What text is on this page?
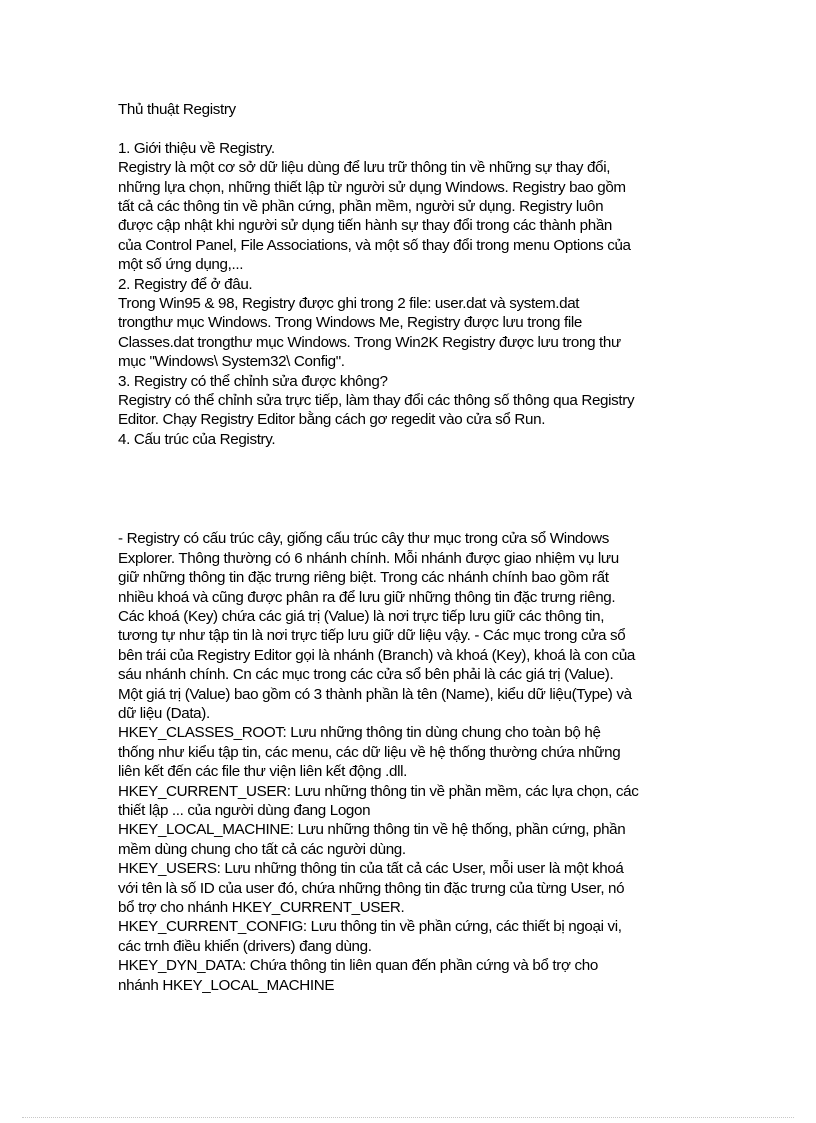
Thủ thuật Registry

1. Giới thiệu về Registry.

Registry là một cơ sở dữ liệu dùng để lưu trữ thông tin về những sự thay đổi,
những lựa chọn, những thiết lập từ người sử dụng Windows. Registry bao gồm
tất cả các thông tin về phần cứng, phần mềm, người sử dụng. Registry luôn
được cập nhật khi người sử dụng tiến hành sự thay đổi trong các thành phần
của Control Panel, File Associations, và một số thay đổi trong menu Options của
một số ứng dụng,...

2. Registry để ở đâu.

Trong Win95 & 98, Registry được ghi trong 2 file: user.dat và system.dat
trongthư mục Windows. Trong Windows Me, Registry được lưu trong file
Classes.dat trongthư mục Windows. Trong Win2K Registry được lưu trong thư
mục "Windows\ System32\ Config".

3. Registry có thể chỉnh sửa được không?

Registry có thể chỉnh sửa trực tiếp, làm thay đổi các thông số thông qua Registry
Editor. Chạy Registry Editor bằng cách gơ regedit vào cửa sổ Run.

4. Cấu trúc của Registry.

- Registry có cấu trúc cây, giống cấu trúc cây thư mục trong cửa sổ Windows
Explorer. Thông thường có 6 nhánh chính. Mỗi nhánh được giao nhiệm vụ lưu
giữ những thông tin đặc trưng riêng biệt. Trong các nhánh chính bao gồm rất
nhiều khoá và cũng được phân ra để lưu giữ những thông tin đặc trưng riêng.
Các khoá (Key) chứa các giá trị (Value) là nơi trực tiếp lưu giữ các thông tin,
tương tự như tập tin là nơi trực tiếp lưu giữ dữ liệu vậy. - Các mục trong cửa sổ
bên trái của Registry Editor gọi là nhánh (Branch) và khoá (Key), khoá là con của
sáu nhánh chính. Cn các mục trong các cửa sổ bên phải là các giá trị (Value).
Một giá trị (Value) bao gồm có 3 thành phần là tên (Name), kiểu dữ liệu(Type) và
dữ liệu (Data).

HKEY_CLASSES_ROOT: Lưu những thông tin dùng chung cho toàn bộ hệ
thống như kiểu tập tin, các menu, các dữ liệu về hệ thống thường chứa những
liên kết đến các file thư viện liên kết động .dll.

HKEY_CURRENT_USER: Lưu những thông tin về phần mềm, các lựa chọn, các
thiết lập ... của người dùng đang Logon

HKEY_LOCAL_MACHINE: Lưu những thông tin về hệ thống, phần cứng, phần
mềm dùng chung cho tất cả các người dùng.

HKEY_USERS: Lưu những thông tin của tất cả các User, mỗi user là một khoá
với tên là số ID của user đó, chứa những thông tin đặc trưng của từng User, nó
bổ trợ cho nhánh HKEY_CURRENT_USER.

HKEY_CURRENT_CONFIG: Lưu thông tin về phần cứng, các thiết bị ngoại vi,
các trnh điều khiển (drivers) đang dùng.

HKEY_DYN_DATA: Chứa thông tin liên quan đến phần cứng và bổ trợ cho
nhánh HKEY_LOCAL_MACHINE
